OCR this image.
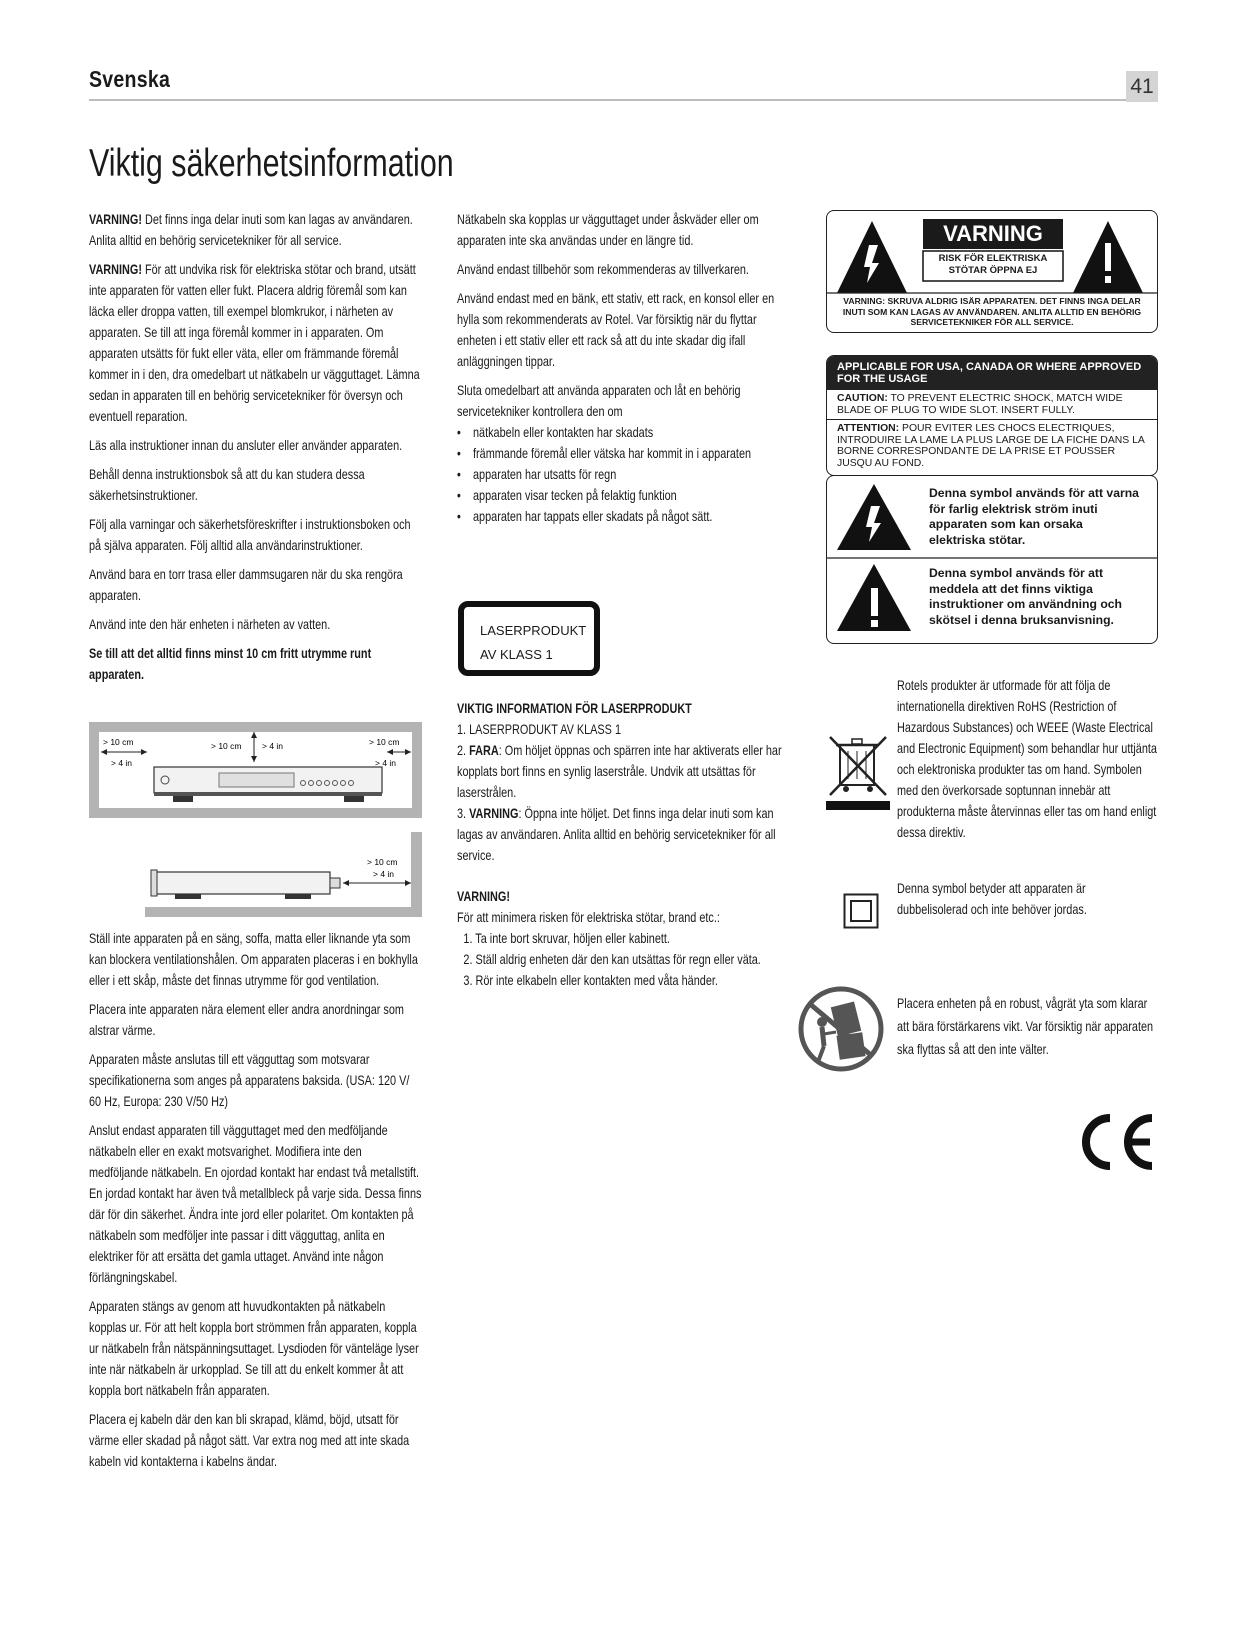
Svenska	41
Viktig säkerhetsinformation

VARNING! Det finns inga delar inuti som kan lagas av användaren. Anlita alltid en behörig servicetekniker för all service.

VARNING! För att undvika risk för elektriska stötar och brand, utsätt inte apparaten för vatten eller fukt. Placera aldrig föremål som kan läcka eller droppa vatten, till exempel blomkrukor, i närheten av apparaten. Se till att inga föremål kommer in i apparaten. Om apparaten utsätts för fukt eller väta, eller om främmande föremål kommer in i den, dra omedelbart ut nätkabeln ur vägguttaget. Lämna sedan in apparaten till en behörig servicetekniker för översyn och eventuell reparation.

Läs alla instruktioner innan du ansluter eller använder apparaten.

Behåll denna instruktionsbok så att du kan studera dessa säkerhetsinstruktioner.

Följ alla varningar och säkerhetsföreskrifter i instruktionsboken och på själva apparaten. Följ alltid alla användarinstruktioner.

Använd bara en torr trasa eller dammsugaren när du ska rengöra apparaten.

Använd inte den här enheten i närheten av vatten.

Se till att det alltid finns minst 10 cm fritt utrymme runt apparaten.

> 10 cm
> 4 in
> 10 cm > 4 in	> 10 cm
> 4 in
> 10 cm
> 4 in

Ställ inte apparaten på en säng, soffa, matta eller liknande yta som kan blockera ventilationshålen. Om apparaten placeras i en bokhylla eller i ett skåp, måste det finnas utrymme för god ventilation.

Placera inte apparaten nära element eller andra anordningar som alstrar värme.

Apparaten måste anslutas till ett vägguttag som motsvarar specifikationerna som anges på apparatens baksida. (USA: 120 V/ 60 Hz, Europa: 230 V/50 Hz)

Anslut endast apparaten till vägguttaget med den medföljande nätkabeln eller en exakt motsvarighet. Modifiera inte den medföljande nätkabeln. En ojordad kontakt har endast två metallstift. En jordad kontakt har även två metallbleck på varje sida. Dessa finns där för din säkerhet. Ändra inte jord eller polaritet. Om kontakten på nätkabeln som medföljer inte passar i ditt vägguttag, anlita en elektriker för att ersätta det gamla uttaget. Använd inte någon förlängningskabel.

Apparaten stängs av genom att huvudkontakten på nätkabeln kopplas ur. För att helt koppla bort strömmen från apparaten, koppla ur nätkabeln från nätspänningsuttaget. Lysdioden för vänteläge lyser inte när nätkabeln är urkopplad. Se till att du enkelt kommer åt att koppla bort nätkabeln från apparaten.

Placera ej kabeln där den kan bli skrapad, klämd, böjd, utsatt för värme eller skadad på något sätt. Var extra nog med att inte skada kabeln vid kontakterna i kabelns ändar.

Nätkabeln ska kopplas ur vägguttaget under åskväder eller om apparaten inte ska användas under en längre tid.

Använd endast tillbehör som rekommenderas av tillverkaren.

Använd endast med en bänk, ett stativ, ett rack, en konsol eller en hylla som rekommenderats av Rotel. Var försiktig när du flyttar enheten i ett stativ eller ett rack så att du inte skadar dig ifall anläggningen tippar.

Sluta omedelbart att använda apparaten och låt en behörig servicetekniker kontrollera den om

• nätkabeln eller kontakten har skadats
• främmande föremål eller vätska har kommit in i apparaten
• apparaten har utsatts för regn
• apparaten visar tecken på felaktig funktion
• apparaten har tappats eller skadats på något sätt.
LASERPRODUKT
AV KLASS 1
VIKTIG INFORMATION FÖR LASERPRODUKT
1. LASERPRODUKT AV KLASS 1
2. FARA: Om höljet öppnas och spärren inte har aktiverats eller har kopplats bort finns en synlig laserstråle. Undvik att utsättas för laserstrålen.
3. VARNING: Öppna inte höljet. Det finns inga delar inuti som kan lagas av användaren. Anlita alltid en behörig servicetekniker för all service.
VARNING!
För att minimera risken för elektriska stötar, brand etc.:
1. Ta inte bort skruvar, höljen eller kabinett.
2. Ställ aldrig enheten där den kan utsättas för regn eller väta.
3. Rör inte elkabeln eller kontakten med våta händer.
VARNING
RISK FÖR ELEKTRISKA STÖTAR ÖPPNA EJ
VARNING: SKRUVA ALDRIG ISÄR APPARATEN. DET FINNS INGA DELAR INUTI SOM KAN LAGAS AV ANVÄNDAREN. ANLITA ALLTID EN BEHÖRIG SERVICETEKNIKER FÖR ALL SERVICE.
APPLICABLE FOR USA, CANADA OR WHERE APPROVED FOR THE USAGE
CAUTION: TO PREVENT ELECTRIC SHOCK, MATCH WIDE BLADE OF PLUG TO WIDE SLOT. INSERT FULLY.
ATTENTION: POUR EVITER LES CHOCS ELECTRIQUES, INTRODUIRE LA LAME LA PLUS LARGE DE LA FICHE DANS LA BORNE CORRESPONDANTE DE LA PRISE ET POUSSER JUSQU AU FOND.
Denna symbol används för att varna för farlig elektrisk ström inuti apparaten som kan orsaka elektriska stötar.
Denna symbol används för att meddela att det finns viktiga instruktioner om användning och skötsel i denna bruksanvisning.
Rotels produkter är utformade för att följa de internationella direktiven RoHS (Restriction of Hazardous Substances) och WEEE (Waste Electrical and Electronic Equipment) som behandlar hur uttjänta och elektroniska produkter tas om hand. Symbolen med den överkorsade soptunnan innebär att produkterna måste återvinnas eller tas om hand enligt dessa direktiv.
Denna symbol betyder att apparaten är dubbelisolerad och inte behöver jordas.
Placera enheten på en robust, vågrät yta som klarar att bära förstärkarens vikt. Var försiktig när apparaten ska flyttas så att den inte välter.
